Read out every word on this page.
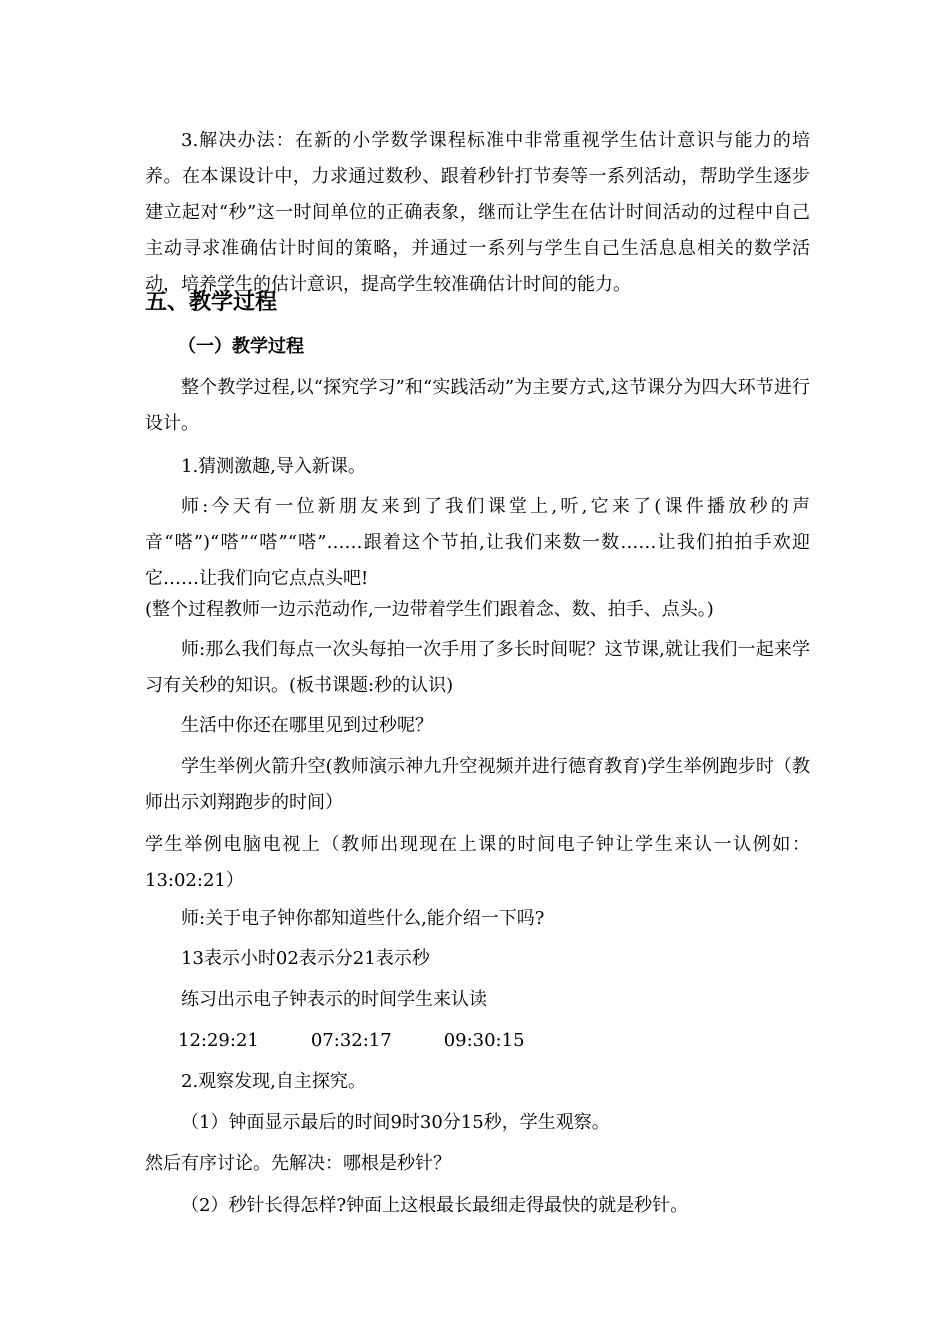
3.解决办法：在新的小学数学课程标准中非常重视学生估计意识与能力的培养。在本课设计中，力求通过数秒、跟着秒针打节奏等一系列活动，帮助学生逐步建立起对“秒”这一时间单位的正确表象，继而让学生在估计时间活动的过程中自己主动寻求准确估计时间的策略，并通过一系列与学生自己生活息息相关的数学活动，培养学生的估计意识，提高学生较准确估计时间的能力。

五、教学过程
（一）教学过程

整个教学过程,以“探究学习”和“实践活动”为主要方式,这节课分为四大环节进行设计。

1.猜测激趣,导入新课。

师:今天有一位新朋友来到了我们课堂上,听,它来了(课件播放秒的声音“嗒”)“嗒”“嗒”“嗒”……跟着这个节拍,让我们来数一数……让我们拍拍手欢迎它……让我们向它点点头吧!

(整个过程教师一边示范动作,一边带着学生们跟着念、数、拍手、点头。)

师:那么我们每点一次头每拍一次手用了多长时间呢？这节课,就让我们一起来学习有关秒的知识。(板书课题:秒的认识)

生活中你还在哪里见到过秒呢？

学生举例火箭升空(教师演示神九升空视频并进行德育教育)学生举例跑步时（教师出示刘翔跑步的时间）

学生举例电脑电视上（教师出现现在上课的时间电子钟让学生来认一认例如：13:02:21）

师:关于电子钟你都知道些什么,能介绍一下吗?

13表示小时02表示分21表示秒

练习出示电子钟表示的时间学生来认读

12:29:21	07:32:17	09:30:15

2.观察发现,自主探究。

（1）钟面显示最后的时间9时30分15秒，学生观察。

然后有序讨论。先解决：哪根是秒针？

（2）秒针长得怎样?钟面上这根最长最细走得最快的就是秒针。
